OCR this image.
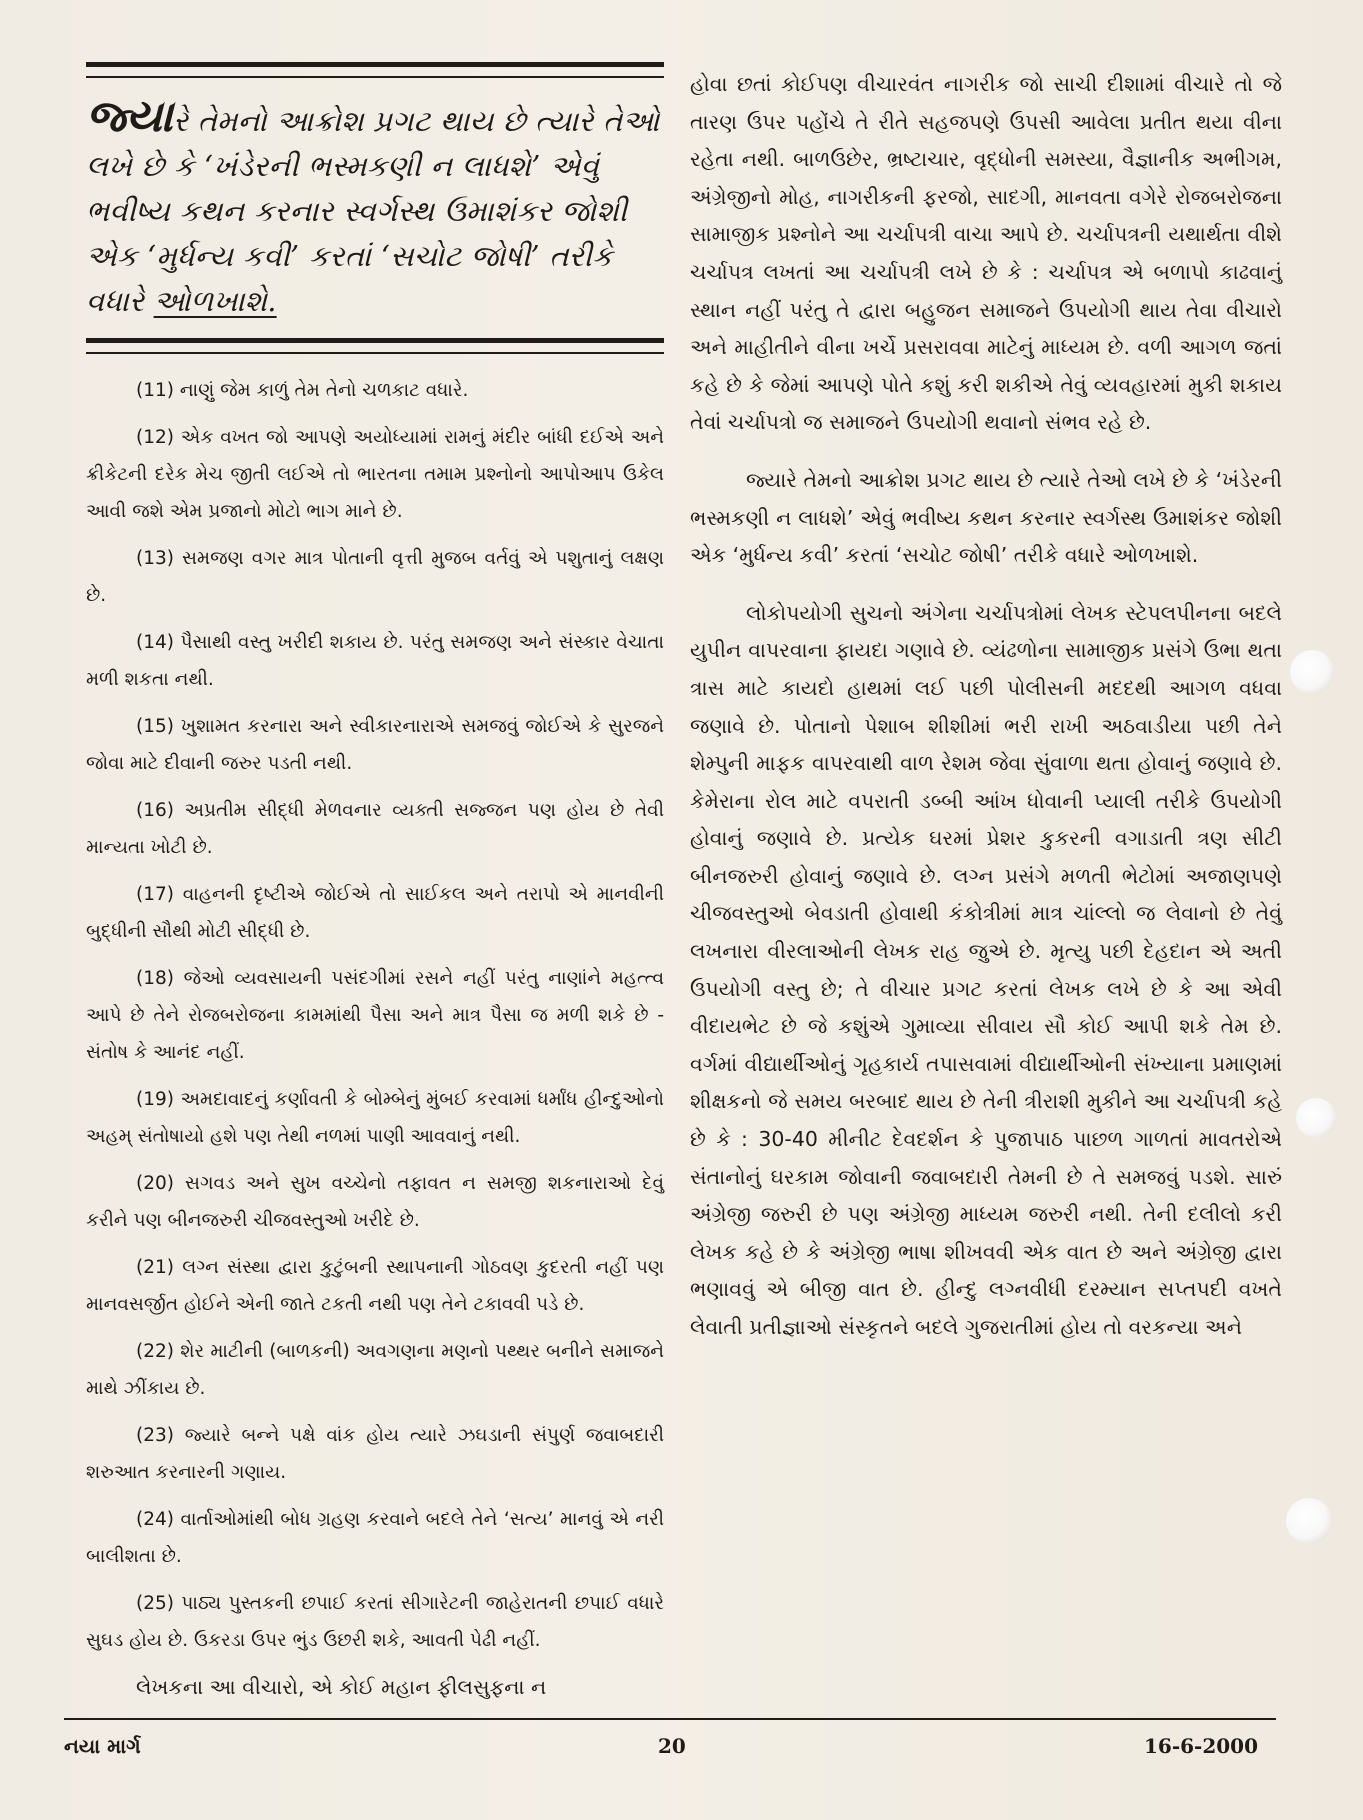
જ્યારે તેમનો આક્રોશ પ્રગટ થાય છે ત્યારે તેઓ લખે છે કે ‘ખંડેરની ભસ્મકણી ન લાધશે’ એવું ભવીષ્ય કથન કરનાર સ્વર્ગસ્થ ઉમાશંકર જોશી એક ‘મુર્ધન્ય કવી’ કરતાં ‘સચોટ જોષી’ તરીકે વધારે ઓળખાશે.

(11) નાણું જેમ કાળું તેમ તેનો ચળકાટ વધારે.

(12) એક વખત જો આપણે અયોધ્યામાં રામનું મંદીર બાંધી દઈએ અને ક્રીકેટની દરેક મેચ જીતી લઈએ તો ભારતના તમામ પ્રશ્નોનો આપોઆપ ઉકેલ આવી જશે એમ પ્રજાનો મોટો ભાગ માને છે.

(13) સમજણ વગર માત્ર પોતાની વૃત્તી મુજબ વર્તવું એ પશુતાનું લક્ષણ છે.

(14) પૈસાથી વસ્તુ ખરીદી શકાય છે. પરંતુ સમજણ અને સંસ્કાર વેચાતા મળી શકતા નથી.

(15) ખુશામત કરનારા અને સ્વીકારનારાએ સમજવું જોઈએ કે સુરજને જોવા માટે દીવાની જરુર પડતી નથી.

(16) અપ્રતીમ સીદ્ધી મેળવનાર વ્યક્તી સજ્જન પણ હોય છે તેવી માન્યતા ખોટી છે.

(17) વાહનની દૃષ્ટીએ જોઈએ તો સાઈકલ અને તરાપો એ માનવીની બુદ્ધીની સૌથી મોટી સીદ્ધી છે.

(18) જેઓ વ્યવસાયની પસંદગીમાં રસને નહીં પરંતુ નાણાંને મહત્ત્વ આપે છે તેને રોજબરોજના કામમાંથી પૈસા અને માત્ર પૈસા જ મળી શકે છે - સંતોષ કે આનંદ નહીં.

(19) અમદાવાદનું કર્ણાવતી કે બોમ્બેનું મુંબઈ કરવામાં ધર્માંધ હીન્દુઓનો અહમ્ સંતોષાયો હશે પણ તેથી નળમાં પાણી આવવાનું નથી.

(20) સગવડ અને સુખ વચ્ચેનો તફાવત ન સમજી શકનારાઓ દેવું કરીને પણ બીનજરુરી ચીજવસ્તુઓ ખરીદે છે.

(21) લગ્ન સંસ્થા દ્વારા કુટુંબની સ્થાપનાની ગોઠવણ કુદરતી નહીં પણ માનવસર્જીત હોઈને એની જાતે ટકતી નથી પણ તેને ટકાવવી પડે છે.

(22) શેર માટીની (બાળકની) અવગણના મણનો પથ્થર બનીને સમાજને માથે ઝીંકાય છે.

(23) જ્યારે બન્ને પક્ષે વાંક હોય ત્યારે ઝઘડાની સંપુર્ણ જવાબદારી શરુઆત કરનારની ગણાય.

(24) વાર્તાઓમાંથી બોધ ગ્રહણ કરવાને બદલે તેને ‘સત્ય’ માનવું એ નરી બાલીશતા છે.

(25) પાઠ્ય પુસ્તકની છપાઈ કરતાં સીગારેટની જાહેરાતની છપાઈ વધારે સુઘડ હોય છે. ઉકરડા ઉપર ભુંડ ઉછરી શકે, આવતી પેઢી નહીં.

લેખકના આ વીચારો, એ કોઈ મહાન ફીલસુફના ન

હોવા છતાં કોઈપણ વીચારવંત નાગરીક જો સાચી દીશામાં વીચારે તો જે તારણ ઉપર પહોંચે તે રીતે સહજપણે ઉપસી આવેલા પ્રતીત થયા વીના રહેતા નથી. બાળઉછેર, ભ્રષ્ટાચાર, વૃદ્ધોની સમસ્યા, વૈજ્ઞાનીક અભીગમ, અંગ્રેજીનો મોહ, નાગરીકની ફરજો, સાદગી, માનવતા વગેરે રોજબરોજના સામાજીક પ્રશ્નોને આ ચર્ચાપત્રી વાચા આપે છે. ચર્ચાપત્રની યથાર્થતા વીશે ચર્ચાપત્ર લખતાં આ ચર્ચાપત્રી લખે છે કે : ચર્ચાપત્ર એ બળાપો કાઢવાનું સ્થાન નહીં પરંતુ તે દ્વારા બહુજન સમાજને ઉપયોગી થાય તેવા વીચારો અને માહીતીને વીના ખર્ચે પ્રસરાવવા માટેનું માધ્યમ છે. વળી આગળ જતાં કહે છે કે જેમાં આપણે પોતે કશું કરી શકીએ તેવું વ્યવહારમાં મુકી શકાય તેવાં ચર્ચાપત્રો જ સમાજને ઉપયોગી થવાનો સંભવ રહે છે.

જ્યારે તેમનો આક્રોશ પ્રગટ થાય છે ત્યારે તેઓ લખે છે કે ‘ખંડેરની ભસ્મકણી ન લાધશે’ એવું ભવીષ્ય કથન કરનાર સ્વર્ગસ્થ ઉમાશંકર જોશી એક ‘મુર્ધન્ય કવી’ કરતાં ‘સચોટ જોષી’ તરીકે વધારે ઓળખાશે.

લોકોપયોગી સુચનો અંગેના ચર્ચાપત્રોમાં લેખક સ્ટેપલપીનના બદલે યુપીન વાપરવાના ફાયદા ગણાવે છે. વ્યંઢળોના સામાજીક પ્રસંગે ઉભા થતા ત્રાસ માટે કાયદો હાથમાં લઈ પછી પોલીસની મદદથી આગળ વધવા જણાવે છે. પોતાનો પેશાબ શીશીમાં ભરી રાખી અઠવાડીયા પછી તેને શેમ્પુની માફક વાપરવાથી વાળ રેશમ જેવા સુંવાળા થતા હોવાનું જણાવે છે. કેમેરાના રોલ માટે વપરાતી ડબ્બી આંખ ધોવાની પ્યાલી તરીકે ઉપયોગી હોવાનું જણાવે છે. પ્રત્યેક ઘરમાં પ્રેશર કુકરની વગાડાતી ત્રણ સીટી બીનજરુરી હોવાનું જણાવે છે. લગ્ન પ્રસંગે મળતી ભેટોમાં અજાણપણે ચીજવસ્તુઓ બેવડાતી હોવાથી કંકોત્રીમાં માત્ર ચાંલ્લો જ લેવાનો છે તેવું લખનારા વીરલાઓની લેખક રાહ જુએ છે. મૃત્યુ પછી દેહદાન એ અતી ઉપયોગી વસ્તુ છે; તે વીચાર પ્રગટ કરતાં લેખક લખે છે કે આ એવી વીદાયભેટ છે જે કશુંએ ગુમાવ્યા સીવાય સૌ કોઈ આપી શકે તેમ છે. વર્ગમાં વીદ્યાર્થીઓનું ગૃહકાર્ય તપાસવામાં વીદ્યાર્થીઓની સંખ્યાના પ્રમાણમાં શીક્ષકનો જે સમય બરબાદ થાય છે તેની ત્રીરાશી મુકીને આ ચર્ચાપત્રી કહે છે કે : 30-40 મીનીટ દેવદર્શન કે પુજાપાઠ પાછળ ગાળતાં માવતરોએ સંતાનોનું ઘરકામ જોવાની જવાબદારી તેમની છે તે સમજવું પડશે. સારું અંગ્રેજી જરુરી છે પણ અંગ્રેજી માધ્યમ જરુરી નથી. તેની દલીલો કરી લેખક કહે છે કે અંગ્રેજી ભાષા શીખવવી એક વાત છે અને અંગ્રેજી દ્વારા ભણાવવું એ બીજી વાત છે. હીન્દુ લગ્નવીધી દરમ્યાન સપ્તપદી વખતે લેવાતી પ્રતીજ્ઞાઓ સંસ્કૃતને બદલે ગુજરાતીમાં હોય તો વરકન્યા અને

નયા માર્ગ	20	16-6-2000
